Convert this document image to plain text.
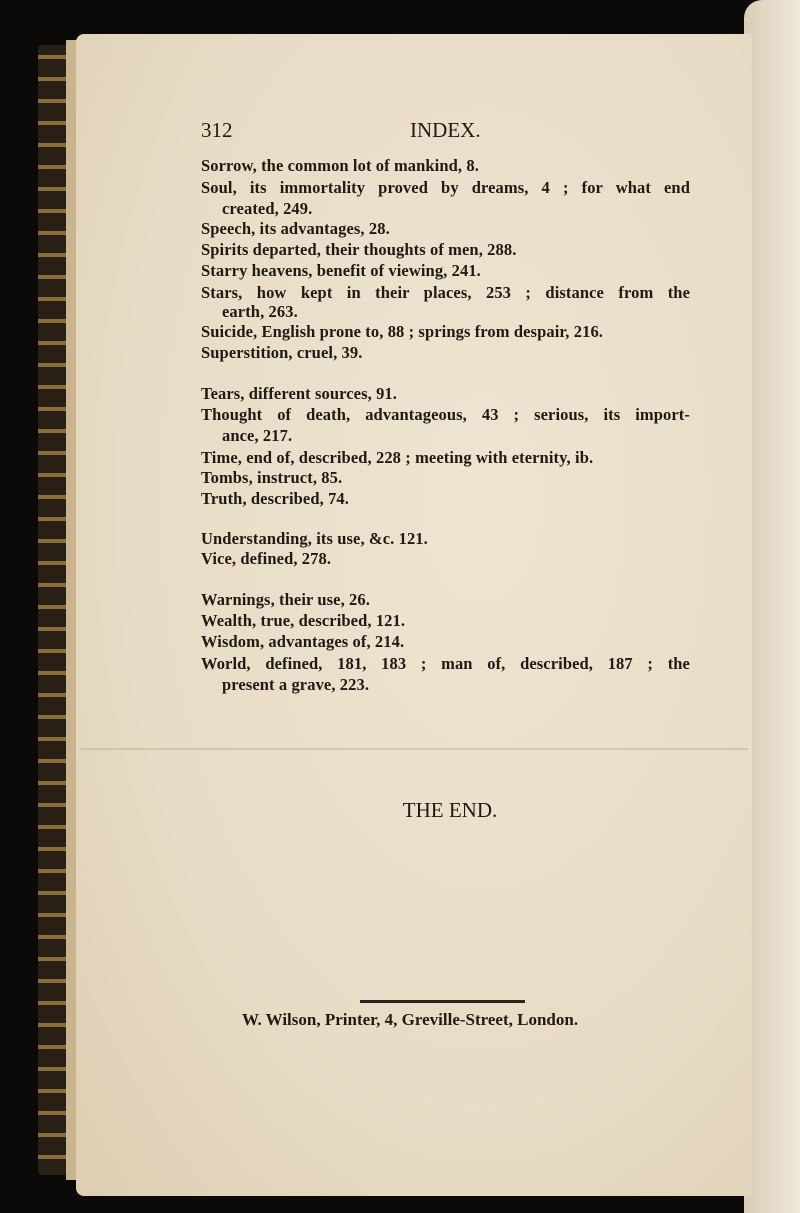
312	INDEX.
Sorrow, the common lot of mankind, 8.
Soul, its immortality proved by dreams, 4 ; for what end
created, 249.
Speech, its advantages, 28.
Spirits departed, their thoughts of men, 288.
Starry heavens, benefit of viewing, 241.
Stars, how kept in their places, 253 ; distance from the
earth, 263.
Suicide, English prone to, 88 ; springs from despair, 216.
Superstition, cruel, 39.
Tears, different sources, 91.
Thought of death, advantageous, 43 ; serious, its import-
ance, 217.
Time, end of, described, 228 ; meeting with eternity, ib.
Tombs, instruct, 85.
Truth, described, 74.
Understanding, its use, &c. 121.
Vice, defined, 278.
Warnings, their use, 26.
Wealth, true, described, 121.
Wisdom, advantages of, 214.
World, defined, 181, 183 ; man of, described, 187 ; the
present a grave, 223.
THE END.
W. Wilson, Printer, 4, Greville-Street, London.
